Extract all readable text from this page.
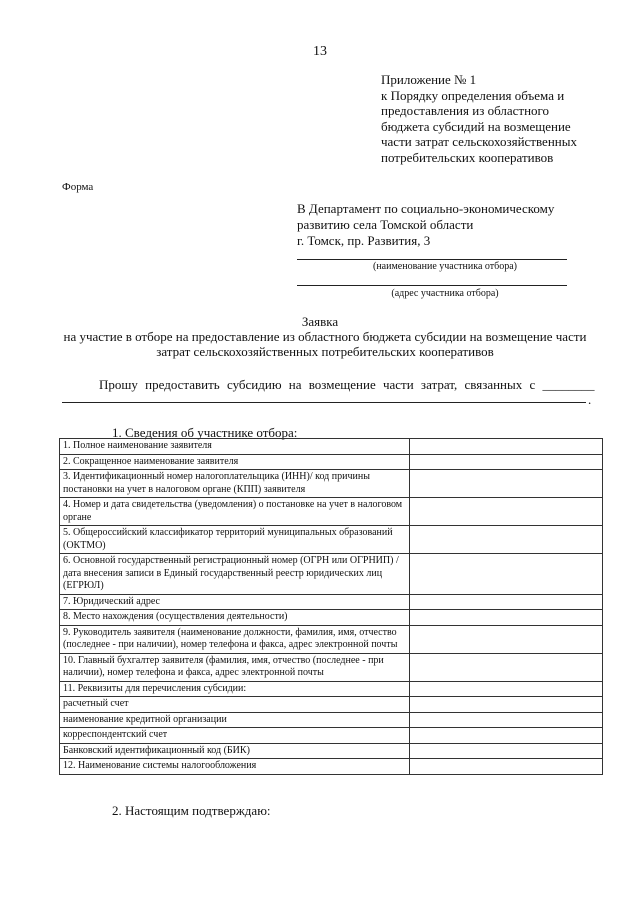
13
Приложение № 1
к Порядку определения объема и
предоставления из областного
бюджета субсидий на возмещение
части затрат сельскохозяйственных
потребительских кооперативов
Форма
В Департамент по социально-экономическому
развитию села Томской области
г. Томск, пр. Развития, 3
(наименование участника отбора)
(адрес участника отбора)
Заявка
на участие в отборе на предоставление из областного бюджета субсидии на возмещение части затрат сельскохозяйственных потребительских кооперативов
Прошу предоставить субсидию на возмещение части затрат, связанных с ________
.
1. Сведения об участнике отбора:
1. Полное наименование заявителя	
2. Сокращенное наименование заявителя	
3. Идентификационный номер налогоплательщика (ИНН)/ код причины постановки на учет в налоговом органе (КПП) заявителя	
4. Номер и дата свидетельства (уведомления) о постановке на учет в налоговом органе	
5. Общероссийский классификатор территорий муниципальных образований (ОКТМО)	
6. Основной государственный регистрационный номер (ОГРН или ОГРНИП) / дата внесения записи в Единый государственный реестр юридических лиц (ЕГРЮЛ)	
7. Юридический адрес	
8. Место нахождения (осуществления деятельности)	
9. Руководитель заявителя (наименование должности, фамилия, имя, отчество (последнее - при наличии), номер телефона и факса, адрес электронной почты	
10. Главный бухгалтер заявителя (фамилия, имя, отчество (последнее - при наличии), номер телефона и факса, адрес электронной почты	
11. Реквизиты для перечисления субсидии:	
расчетный счет	
наименование кредитной организации	
корреспондентский счет	
Банковский идентификационный код (БИК)	
12. Наименование системы налогообложения	
2. Настоящим подтверждаю:
